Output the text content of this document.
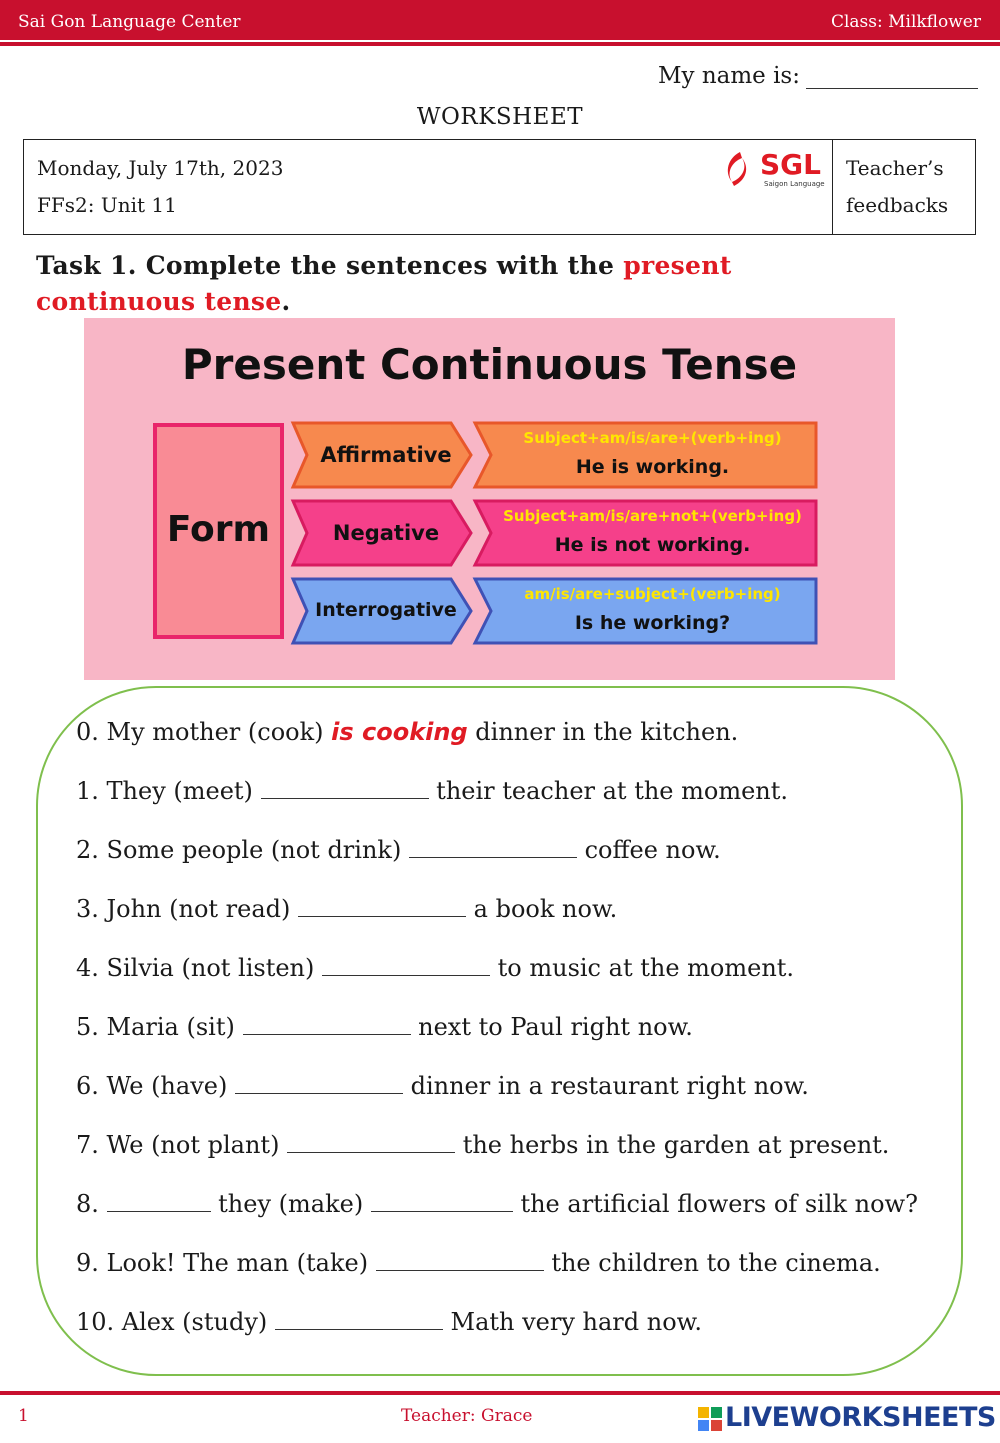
Sai Gon Language Center	Class: Milkflower
My name is:
WORKSHEET
Monday, July 17th, 2023
FFs2: Unit 11
SGL
Saigon Language
Teacher’s
feedbacks
Task 1. Complete the sentences with the present
continuous tense.
Present Continuous Tense
Form
Affirmative
Subject+am/is/are+(verb+ing)
He is working.
Negative
Subject+am/is/are+not+(verb+ing)
He is not working.
Interrogative
am/is/are+subject+(verb+ing)
Is he working?
0. My mother (cook) is cooking dinner in the kitchen.
1. They (meet)	their teacher at the moment.
2. Some people (not drink)	coffee now.
3. John (not read)	a book now.
4. Silvia (not listen)	to music at the moment.
5. Maria (sit)	next to Paul right now.
6. We (have)	dinner in a restaurant right now.
7. We (not plant)	the herbs in the garden at present.
8.	they (make)	the artificial flowers of silk now?
9. Look! The man (take)	the children to the cinema.
10. Alex (study)	Math very hard now.
1	Teacher: Grace	LIVEWORKSHEETS
